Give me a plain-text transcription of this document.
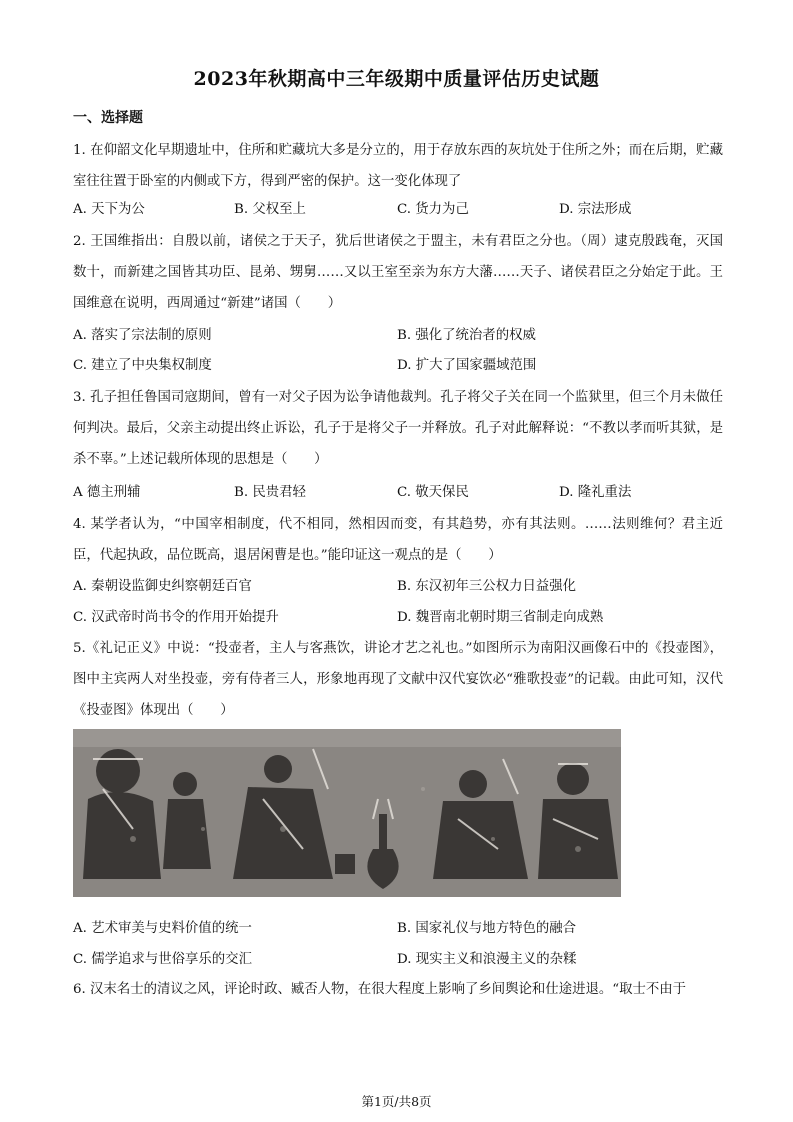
2023年秋期高中三年级期中质量评估历史试题
一、选择题
1. 在仰韶文化早期遗址中，住所和贮藏坑大多是分立的，用于存放东西的灰坑处于住所之外；而在后期，贮藏室往往置于卧室的内侧或下方，得到严密的保护。这一变化体现了
A. 天下为公	B. 父权至上	C. 货力为己	D. 宗法形成
2. 王国维指出：自殷以前，诸侯之于天子，犹后世诸侯之于盟主，未有君臣之分也。（周）逮克殷践奄，灭国数十，而新建之国皆其功臣、昆弟、甥舅……又以王室至亲为东方大藩……天子、诸侯君臣之分始定于此。王国维意在说明，西周通过“新建”诸国（　　）
A. 落实了宗法制的原则	B. 强化了统治者的权威
C. 建立了中央集权制度	D. 扩大了国家疆域范围
3. 孔子担任鲁国司寇期间，曾有一对父子因为讼争请他裁判。孔子将父子关在同一个监狱里，但三个月未做任何判决。最后，父亲主动提出终止诉讼，孔子于是将父子一并释放。孔子对此解释说：“不教以孝而听其狱，是杀不辜。”上述记载所体现的思想是（　　）
A 德主刑辅	B. 民贵君轻	C. 敬天保民	D. 隆礼重法
4. 某学者认为，“中国宰相制度，代不相同，然相因而变，有其趋势，亦有其法则。……法则维何？君主近臣，代起执政，品位既高，退居闲曹是也。”能印证这一观点的是（　　）
A. 秦朝设监御史纠察朝廷百官	B. 东汉初年三公权力日益强化
C. 汉武帝时尚书令的作用开始提升	D. 魏晋南北朝时期三省制走向成熟
5.《礼记正义》中说：“投壶者，主人与客燕饮，讲论才艺之礼也。”如图所示为南阳汉画像石中的《投壶图》，图中主宾两人对坐投壶，旁有侍者三人，形象地再现了文献中汉代宴饮必“雅歌投壶”的记载。由此可知，汉代《投壶图》体现出（　　）
A. 艺术审美与史料价值的统一	B. 国家礼仪与地方特色的融合
C. 儒学追求与世俗享乐的交汇	D. 现实主义和浪漫主义的杂糅
6. 汉末名士的清议之风，评论时政、臧否人物，在很大程度上影响了乡间舆论和仕途进退。“取士不由于
第1页/共8页
